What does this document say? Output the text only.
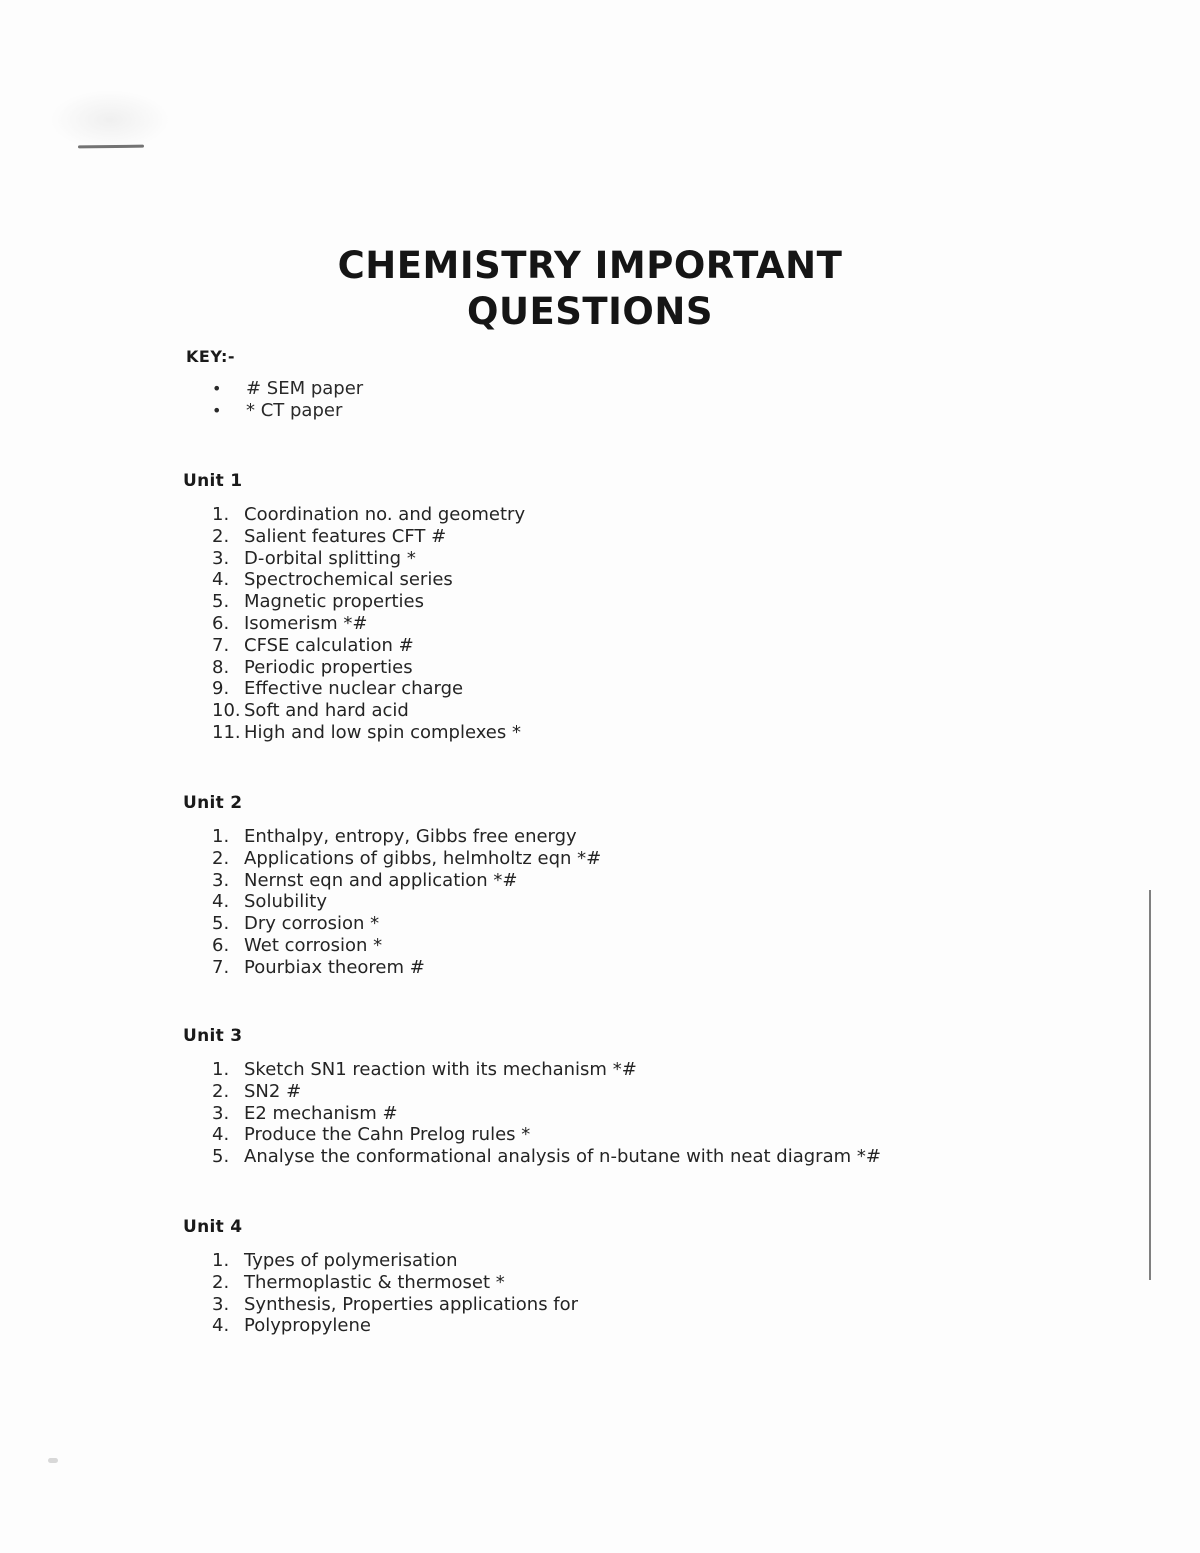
CHEMISTRY IMPORTANT
QUESTIONS
KEY:-
• # SEM paper
• * CT paper
Unit 1
1. Coordination no. and geometry
2. Salient features CFT #
3. D-orbital splitting *
4. Spectrochemical series
5. Magnetic properties
6. Isomerism *#
7. CFSE calculation #
8. Periodic properties
9. Effective nuclear charge
10. Soft and hard acid
11. High and low spin complexes *
Unit 2
1. Enthalpy, entropy, Gibbs free energy
2. Applications of gibbs, helmholtz eqn *#
3. Nernst eqn and application *#
4. Solubility
5. Dry corrosion *
6. Wet corrosion *
7. Pourbiax theorem #
Unit 3
1. Sketch SN1 reaction with its mechanism *#
2. SN2 #
3. E2 mechanism #
4. Produce the Cahn Prelog rules *
5. Analyse the conformational analysis of n-butane with neat diagram *#
Unit 4
1. Types of polymerisation
2. Thermoplastic & thermoset *
3. Synthesis, Properties applications for
4. Polypropylene
